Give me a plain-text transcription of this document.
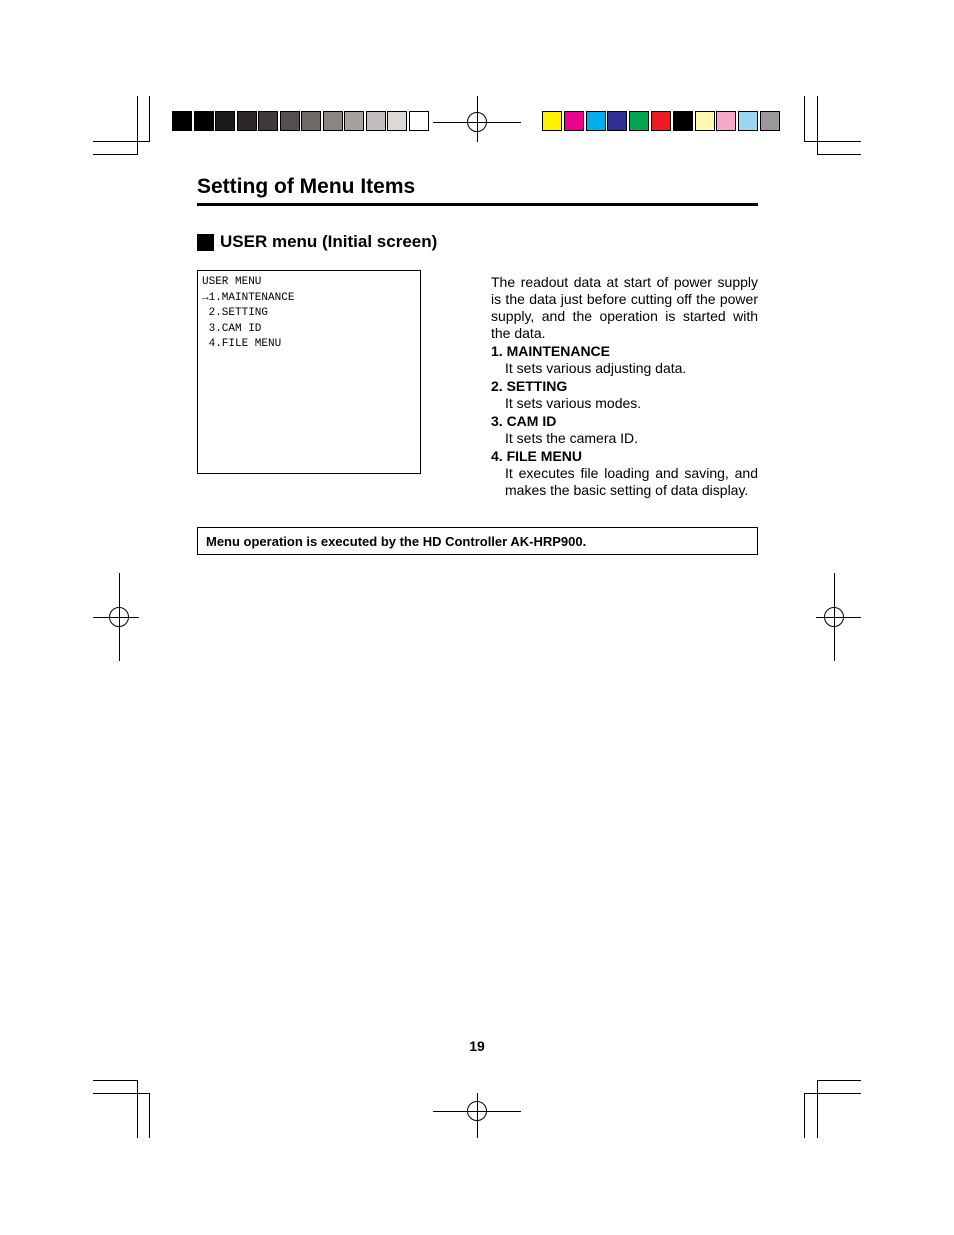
Setting of Menu Items
USER menu (Initial screen)
USER MENU
→1.MAINTENANCE
2.SETTING
3.CAM ID
4.FILE MENU

The readout data at start of power supply is the data just before cutting off the power supply, and the operation is started with the data.

1. MAINTENANCE
It sets various adjusting data.
2. SETTING
It sets various modes.
3. CAM ID
It sets the camera ID.
4. FILE MENU
It executes file loading and saving, and makes the basic setting of data display.
Menu operation is executed by the HD Controller AK-HRP900.
19
